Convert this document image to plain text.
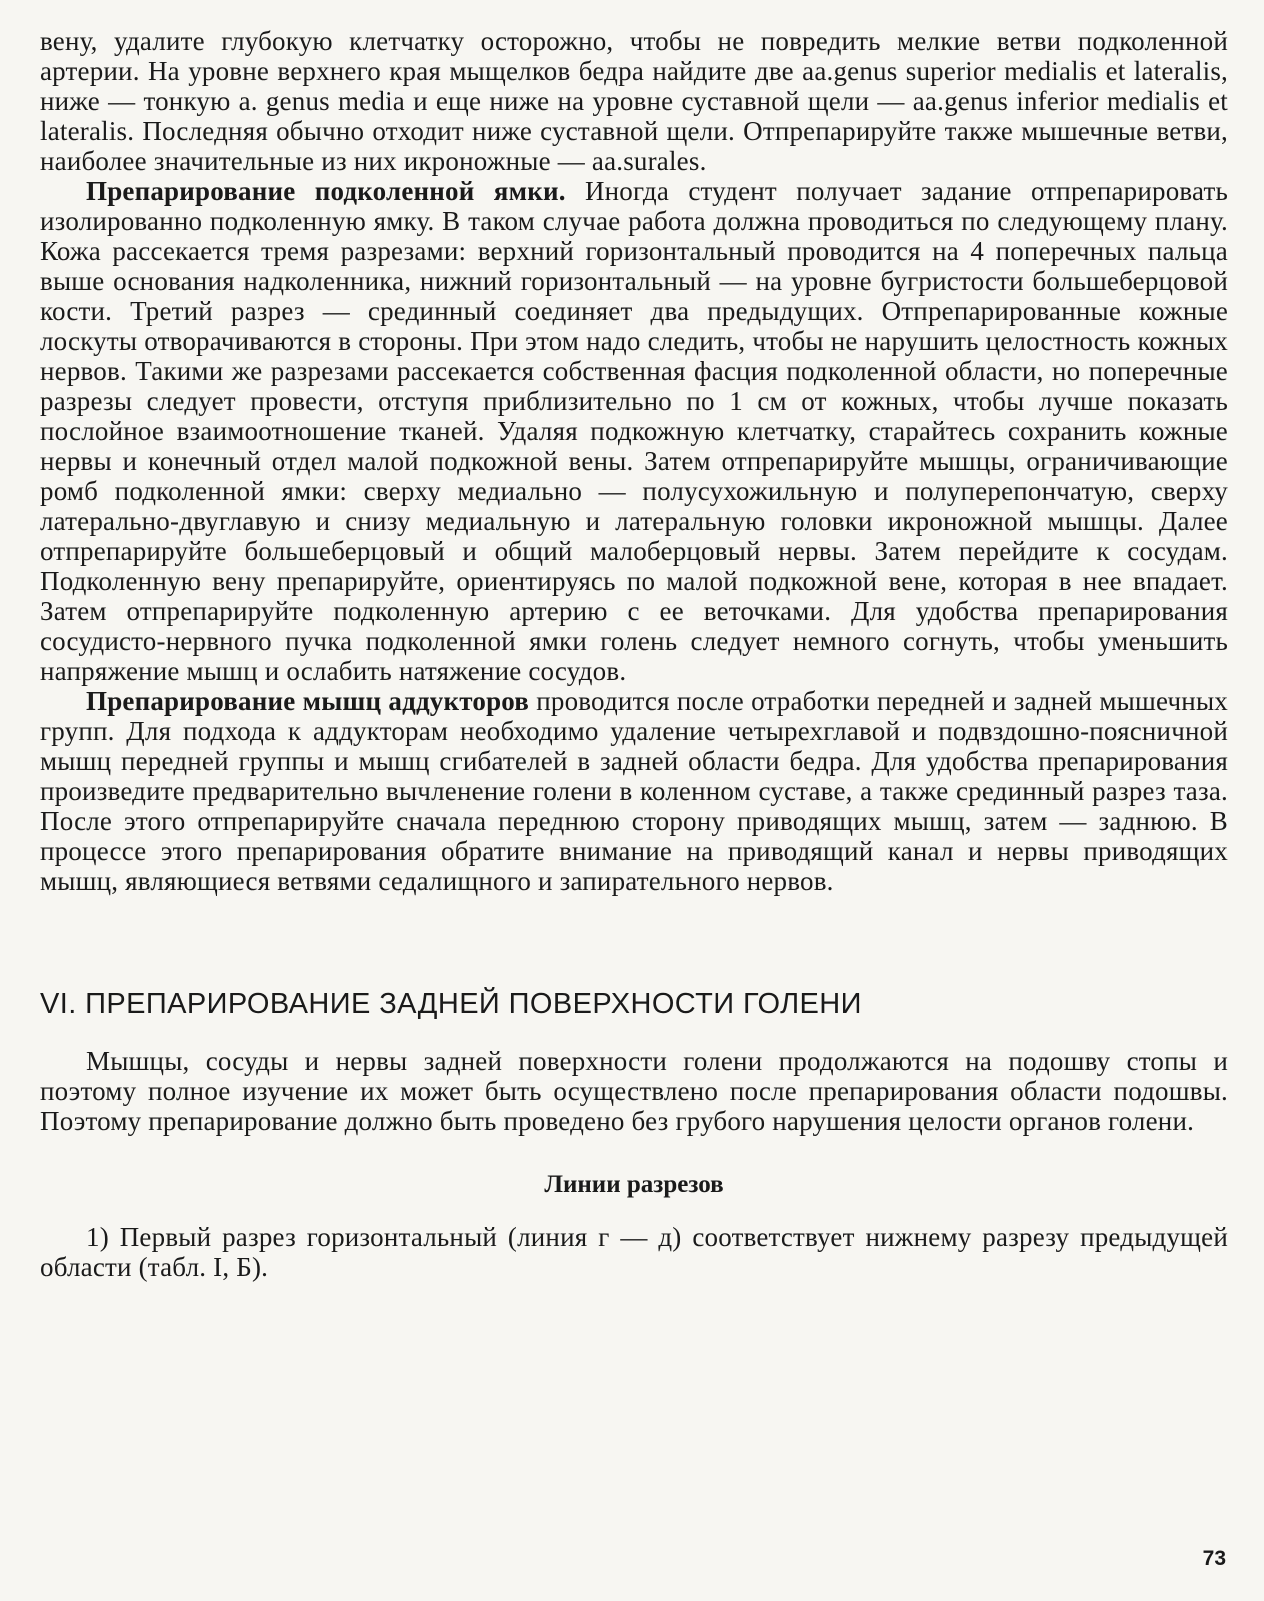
вену, удалите глубокую клетчатку осторожно, чтобы не повредить мелкие ветви подколенной артерии. На уровне верхнего края мыщелков бедра найдите две aa.genus superior medialis et lateralis, ниже — тонкую a. genus media и еще ниже на уровне суставной щели — aa.genus inferior medialis et lateralis. Последняя обычно отходит ниже суставной щели. Отпрепарируйте также мышечные ветви, наиболее значительные из них икроножные — aa.surales.

Препарирование подколенной ямки. Иногда студент получает задание отпрепарировать изолированно подколенную ямку. В таком случае работа должна проводиться по следующему плану. Кожа рассекается тремя разрезами: верхний горизонтальный проводится на 4 поперечных пальца выше основания надколенника, нижний горизонтальный — на уровне бугристости большеберцовой кости. Третий разрез — срединный соединяет два предыдущих. Отпрепарированные кожные лоскуты отворачиваются в стороны. При этом надо следить, чтобы не нарушить целостность кожных нервов. Такими же разрезами рассекается собственная фасция подколенной области, но поперечные разрезы следует провести, отступя приблизительно по 1 см от кожных, чтобы лучше показать послойное взаимоотношение тканей. Удаляя подкожную клетчатку, старайтесь сохранить кожные нервы и конечный отдел малой подкожной вены. Затем отпрепарируйте мышцы, ограничивающие ромб подколенной ямки: сверху медиально — полусухожильную и полуперепончатую, сверху латерально-двуглавую и снизу медиальную и латеральную головки икроножной мышцы. Далее отпрепарируйте большеберцовый и общий малоберцовый нервы. Затем перейдите к сосудам. Подколенную вену препарируйте, ориентируясь по малой подкожной вене, которая в нее впадает. Затем отпрепарируйте подколенную артерию с ее веточками. Для удобства препарирования сосудисто-нервного пучка подколенной ямки голень следует немного согнуть, чтобы уменьшить напряжение мышц и ослабить натяжение сосудов.

Препарирование мышц аддукторов проводится после отработки передней и задней мышечных групп. Для подхода к аддукторам необходимо удаление четырехглавой и подвздошно-поясничной мышц передней группы и мышц сгибателей в задней области бедра. Для удобства препарирования произведите предварительно вычленение голени в коленном суставе, а также срединный разрез таза. После этого отпрепарируйте сначала переднюю сторону приводящих мышц, затем — заднюю. В процессе этого препарирования обратите внимание на приводящий канал и нервы приводящих мышц, являющиеся ветвями седалищного и запирательного нервов.

VI. ПРЕПАРИРОВАНИЕ ЗАДНЕЙ ПОВЕРХНОСТИ ГОЛЕНИ

Мышцы, сосуды и нервы задней поверхности голени продолжаются на подошву стопы и поэтому полное изучение их может быть осуществлено после препарирования области подошвы. Поэтому препарирование должно быть проведено без грубого нарушения целости органов голени.

Линии разрезов

1) Первый разрез горизонтальный (линия г — д) соответствует нижнему разрезу предыдущей области (табл. I, Б).

73
